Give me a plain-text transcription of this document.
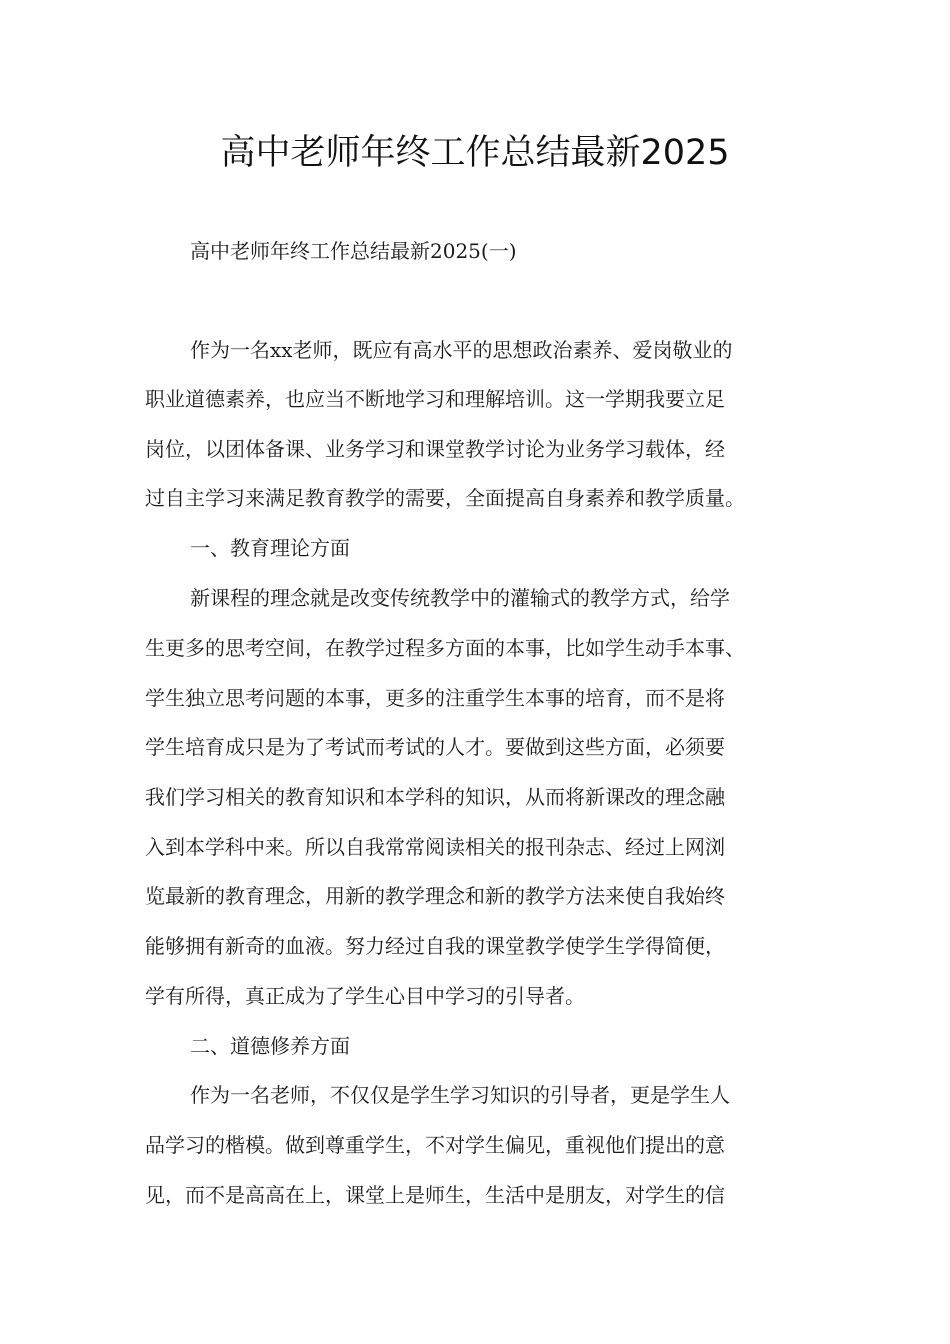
高中老师年终工作总结最新2025

高中老师年终工作总结最新2025(一)

作为一名xx老师，既应有高水平的思想政治素养、爱岗敬业的

职业道德素养，也应当不断地学习和理解培训。这一学期我要立足

岗位，以团体备课、业务学习和课堂教学讨论为业务学习载体，经

过自主学习来满足教育教学的需要，全面提高自身素养和教学质量。

一、教育理论方面

新课程的理念就是改变传统教学中的灌输式的教学方式，给学

生更多的思考空间，在教学过程多方面的本事，比如学生动手本事、

学生独立思考问题的本事，更多的注重学生本事的培育，而不是将

学生培育成只是为了考试而考试的人才。要做到这些方面，必须要

我们学习相关的教育知识和本学科的知识，从而将新课改的理念融

入到本学科中来。所以自我常常阅读相关的报刊杂志、经过上网浏

览最新的教育理念，用新的教学理念和新的教学方法来使自我始终

能够拥有新奇的血液。努力经过自我的课堂教学使学生学得简便，

学有所得，真正成为了学生心目中学习的引导者。

二、道德修养方面

作为一名老师，不仅仅是学生学习知识的引导者，更是学生人

品学习的楷模。做到尊重学生，不对学生偏见，重视他们提出的意

见，而不是高高在上，课堂上是师生，生活中是朋友，对学生的信
